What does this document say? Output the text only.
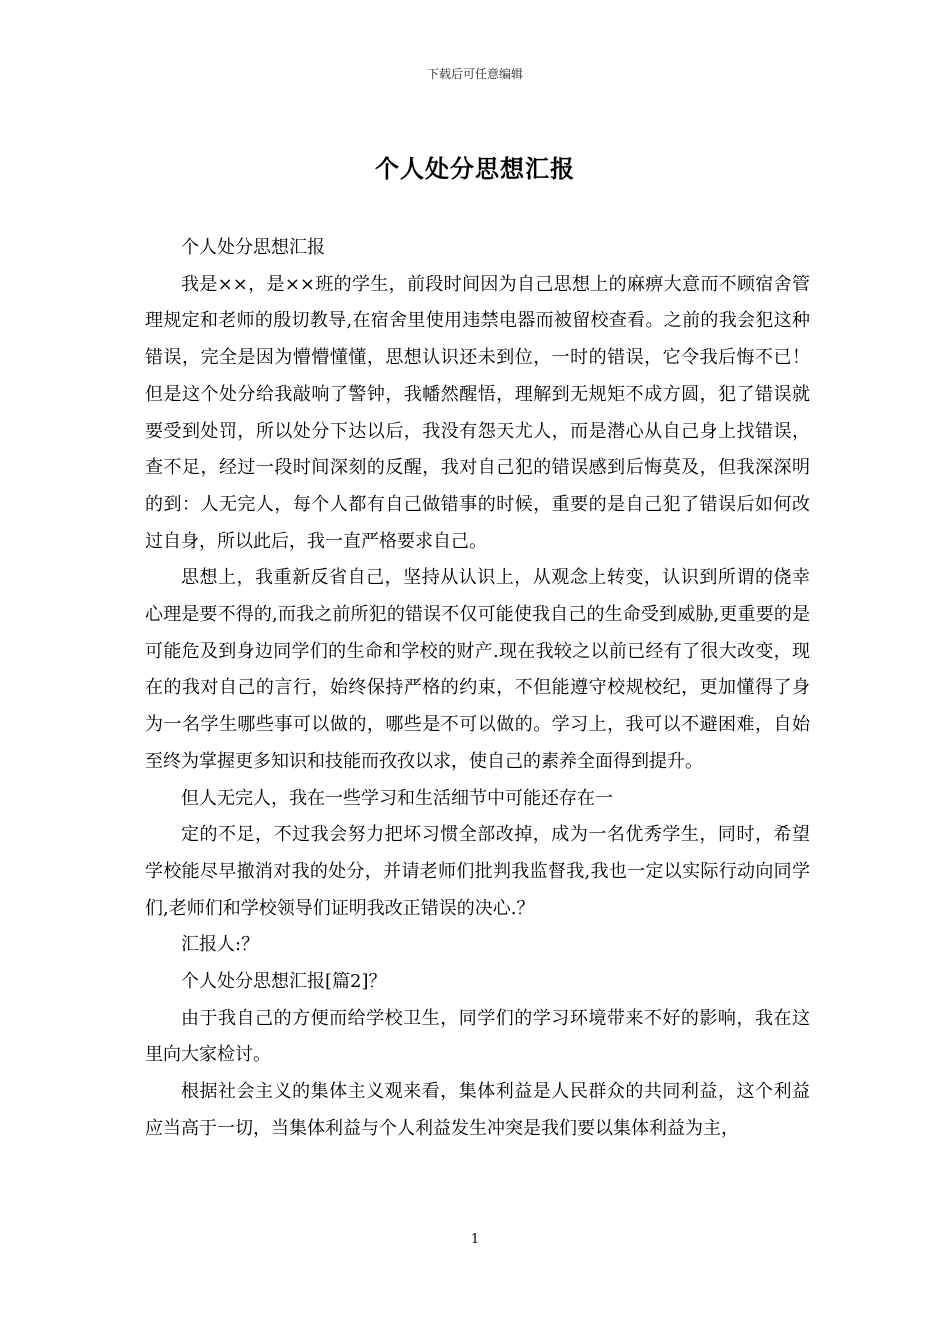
下载后可任意编辑
个人处分思想汇报

个人处分思想汇报

我是××，是××班的学生，前段时间因为自己思想上的麻痹大意而不顾宿舍管理规定和老师的殷切教导,在宿舍里使用违禁电器而被留校查看。之前的我会犯这种错误，完全是因为懵懵懂懂，思想认识还未到位，一时的错误，它令我后悔不已！但是这个处分给我敲响了警钟，我幡然醒悟，理解到无规矩不成方圆，犯了错误就要受到处罚，所以处分下达以后，我没有怨天尤人，而是潜心从自己身上找错误，查不足，经过一段时间深刻的反醒，我对自己犯的错误感到后悔莫及，但我深深明的到：人无完人，每个人都有自己做错事的时候，重要的是自己犯了错误后如何改过自身，所以此后，我一直严格要求自己。

思想上，我重新反省自己，坚持从认识上，从观念上转变，认识到所谓的侥幸心理是要不得的,而我之前所犯的错误不仅可能使我自己的生命受到威胁,更重要的是可能危及到身边同学们的生命和学校的财产.现在我较之以前已经有了很大改变，现在的我对自己的言行，始终保持严格的约束，不但能遵守校规校纪，更加懂得了身为一名学生哪些事可以做的，哪些是不可以做的。学习上，我可以不避困难，自始至终为掌握更多知识和技能而孜孜以求，使自己的素养全面得到提升。

但人无完人，我在一些学习和生活细节中可能还存在一

定的不足，不过我会努力把坏习惯全部改掉，成为一名优秀学生，同时，希望学校能尽早撤消对我的处分，并请老师们批判我监督我,我也一定以实际行动向同学们,老师们和学校领导们证明我改正错误的决心.？

汇报人:？

个人处分思想汇报[篇2]？

由于我自己的方便而给学校卫生，同学们的学习环境带来不好的影响，我在这里向大家检讨。

根据社会主义的集体主义观来看，集体利益是人民群众的共同利益，这个利益应当高于一切，当集体利益与个人利益发生冲突是我们要以集体利益为主，

1
